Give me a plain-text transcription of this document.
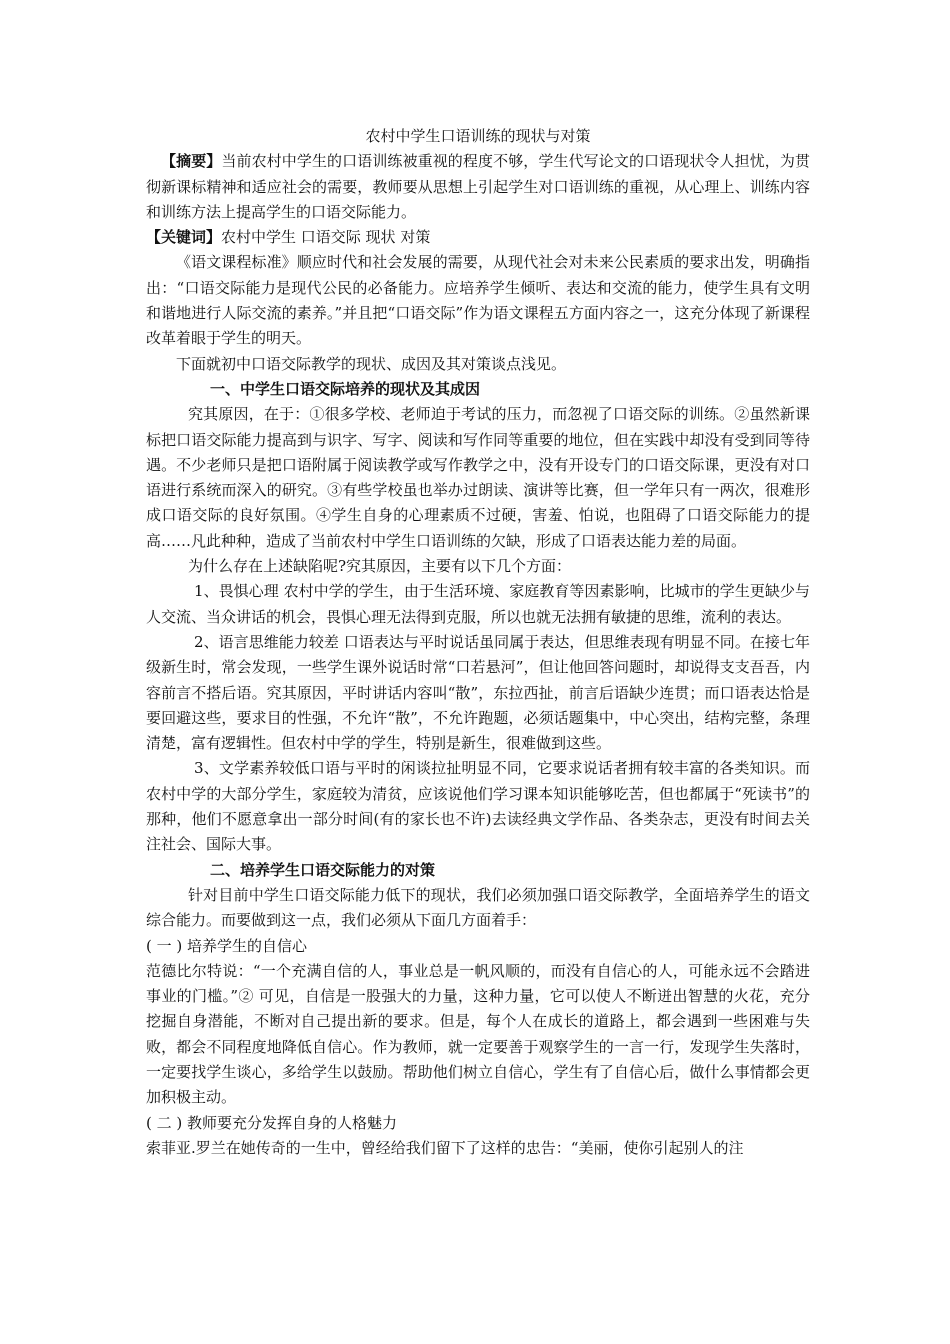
农村中学生口语训练的现状与对策

【摘要】当前农村中学生的口语训练被重视的程度不够，学生代写论文的口语现状令人担忧，为贯彻新课标精神和适应社会的需要，教师要从思想上引起学生对口语训练的重视，从心理上、训练内容和训练方法上提高学生的口语交际能力。

【关键词】农村中学生 口语交际 现状 对策

《语文课程标准》顺应时代和社会发展的需要，从现代社会对未来公民素质的要求出发，明确指出：“口语交际能力是现代公民的必备能力。应培养学生倾听、表达和交流的能力，使学生具有文明和谐地进行人际交流的素养。”并且把“口语交际”作为语文课程五方面内容之一，这充分体现了新课程改革着眼于学生的明天。

下面就初中口语交际教学的现状、成因及其对策谈点浅见。

一、中学生口语交际培养的现状及其成因

究其原因，在于：①很多学校、老师迫于考试的压力，而忽视了口语交际的训练。②虽然新课标把口语交际能力提高到与识字、写字、阅读和写作同等重要的地位，但在实践中却没有受到同等待遇。不少老师只是把口语附属于阅读教学或写作教学之中，没有开设专门的口语交际课，更没有对口语进行系统而深入的研究。③有些学校虽也举办过朗读、演讲等比赛，但一学年只有一两次，很难形成口语交际的良好氛围。④学生自身的心理素质不过硬，害羞、怕说，也阻碍了口语交际能力的提高……凡此种种，造成了当前农村中学生口语训练的欠缺，形成了口语表达能力差的局面。

为什么存在上述缺陷呢?究其原因，主要有以下几个方面：

1、畏惧心理 农村中学的学生，由于生活环境、家庭教育等因素影响，比城市的学生更缺少与人交流、当众讲话的机会，畏惧心理无法得到克服，所以也就无法拥有敏捷的思维，流利的表达。

2、语言思维能力较差 口语表达与平时说话虽同属于表达，但思维表现有明显不同。在接七年级新生时，常会发现，一些学生课外说话时常“口若悬河”，但让他回答问题时，却说得支支吾吾，内容前言不搭后语。究其原因，平时讲话内容叫“散”，东拉西扯，前言后语缺少连贯；而口语表达恰是要回避这些，要求目的性强，不允许“散”，不允许跑题，必须话题集中，中心突出，结构完整，条理清楚，富有逻辑性。但农村中学的学生，特别是新生，很难做到这些。

3、文学素养较低口语与平时的闲谈拉扯明显不同，它要求说话者拥有较丰富的各类知识。而农村中学的大部分学生，家庭较为清贫，应该说他们学习课本知识能够吃苦，但也都属于“死读书”的那种，他们不愿意拿出一部分时间(有的家长也不许)去读经典文学作品、各类杂志，更没有时间去关注社会、国际大事。

二、培养学生口语交际能力的对策

针对目前中学生口语交际能力低下的现状，我们必须加强口语交际教学，全面培养学生的语文综合能力。而要做到这一点，我们必须从下面几方面着手：

( 一 ) 培养学生的自信心

范德比尔特说：“一个充满自信的人，事业总是一帆风顺的，而没有自信心的人，可能永远不会踏进事业的门槛。”② 可见，自信是一股强大的力量，这种力量，它可以使人不断迸出智慧的火花，充分挖掘自身潜能，不断对自己提出新的要求。但是，每个人在成长的道路上，都会遇到一些困难与失败，都会不同程度地降低自信心。作为教师，就一定要善于观察学生的一言一行，发现学生失落时，一定要找学生谈心，多给学生以鼓励。帮助他们树立自信心，学生有了自信心后，做什么事情都会更加积极主动。

( 二 ) 教师要充分发挥自身的人格魅力

索菲亚.罗兰在她传奇的一生中，曾经给我们留下了这样的忠告：“美丽，使你引起别人的注
